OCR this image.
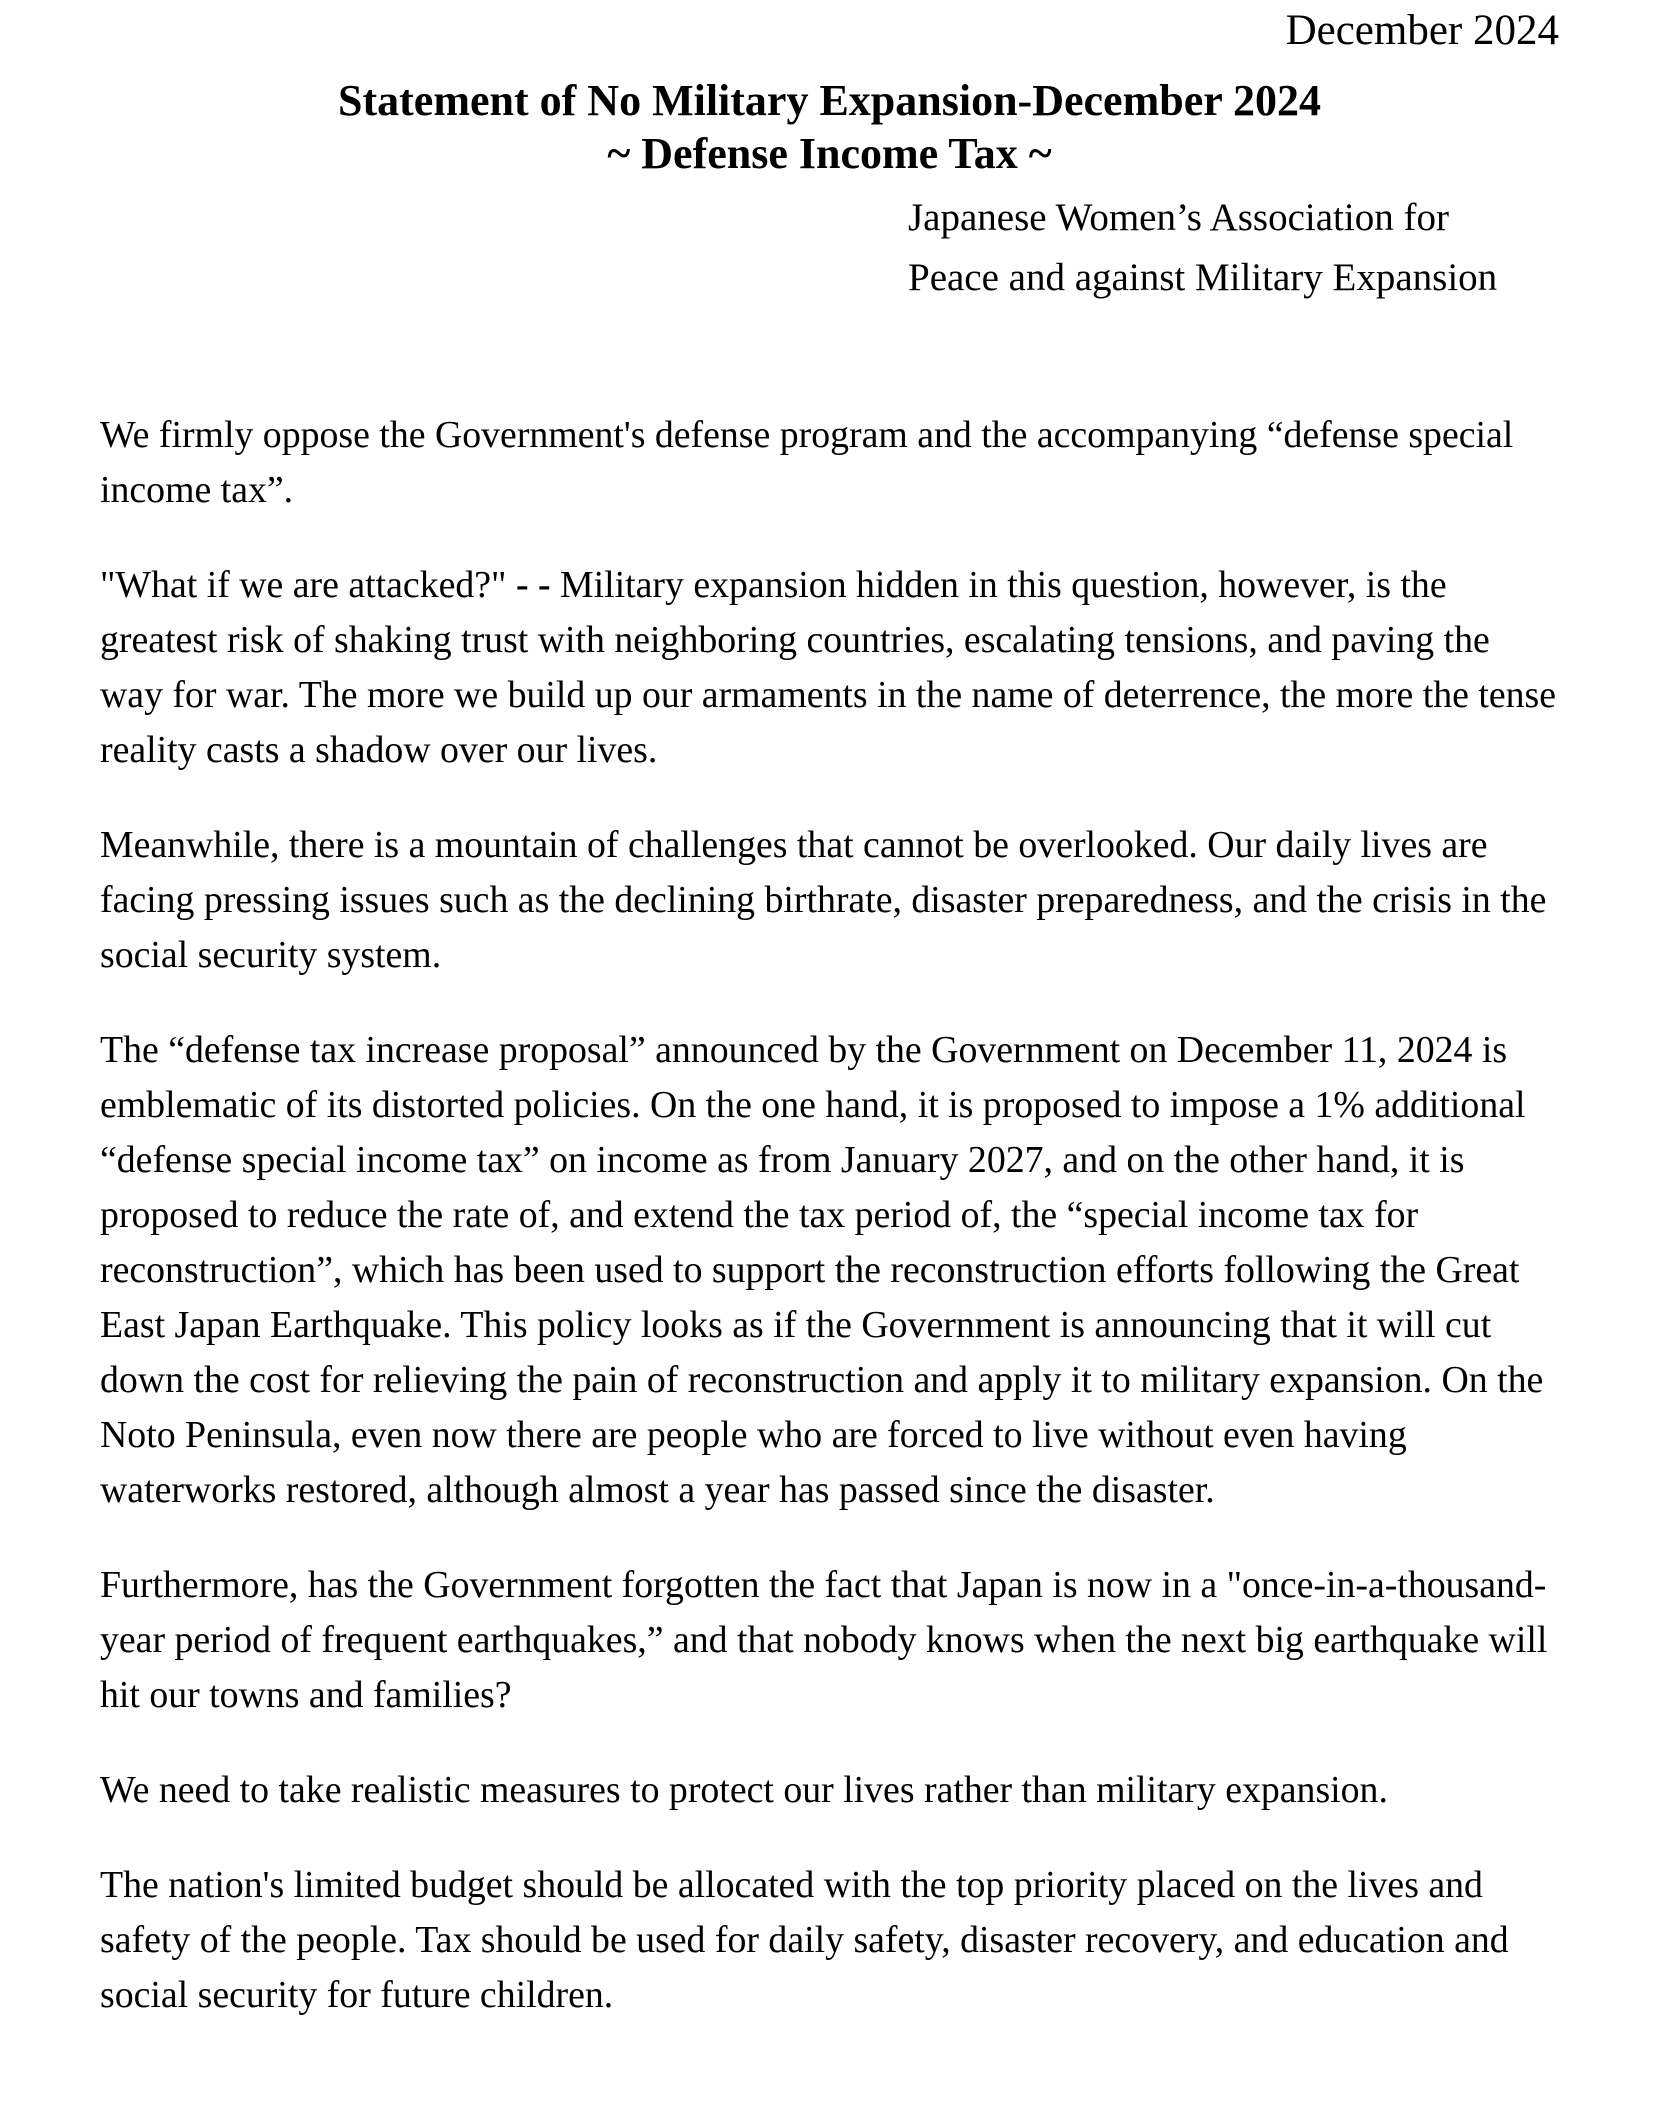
December 2024
Statement of No Military Expansion-December 2024
~ Defense Income Tax ~
Japanese Women’s Association for
Peace and against Military Expansion

We firmly oppose the Government's defense program and the accompanying “defense special income tax”.

"What if we are attacked?" - - Military expansion hidden in this question, however, is the greatest risk of shaking trust with neighboring countries, escalating tensions, and paving the way for war. The more we build up our armaments in the name of deterrence, the more the tense reality casts a shadow over our lives.

Meanwhile, there is a mountain of challenges that cannot be overlooked. Our daily lives are facing pressing issues such as the declining birthrate, disaster preparedness, and the crisis in the social security system.

The “defense tax increase proposal” announced by the Government on December 11, 2024 is emblematic of its distorted policies. On the one hand, it is proposed to impose a 1% additional “defense special income tax” on income as from January 2027, and on the other hand, it is proposed to reduce the rate of, and extend the tax period of, the “special income tax for reconstruction”, which has been used to support the reconstruction efforts following the Great East Japan Earthquake. This policy looks as if the Government is announcing that it will cut down the cost for relieving the pain of reconstruction and apply it to military expansion. On the Noto Peninsula, even now there are people who are forced to live without even having waterworks restored, although almost a year has passed since the disaster.

Furthermore, has the Government forgotten the fact that Japan is now in a "once-in-a-thousand-year period of frequent earthquakes,” and that nobody knows when the next big earthquake will hit our towns and families?

We need to take realistic measures to protect our lives rather than military expansion.

The nation's limited budget should be allocated with the top priority placed on the lives and safety of the people. Tax should be used for daily safety, disaster recovery, and education and social security for future children.
